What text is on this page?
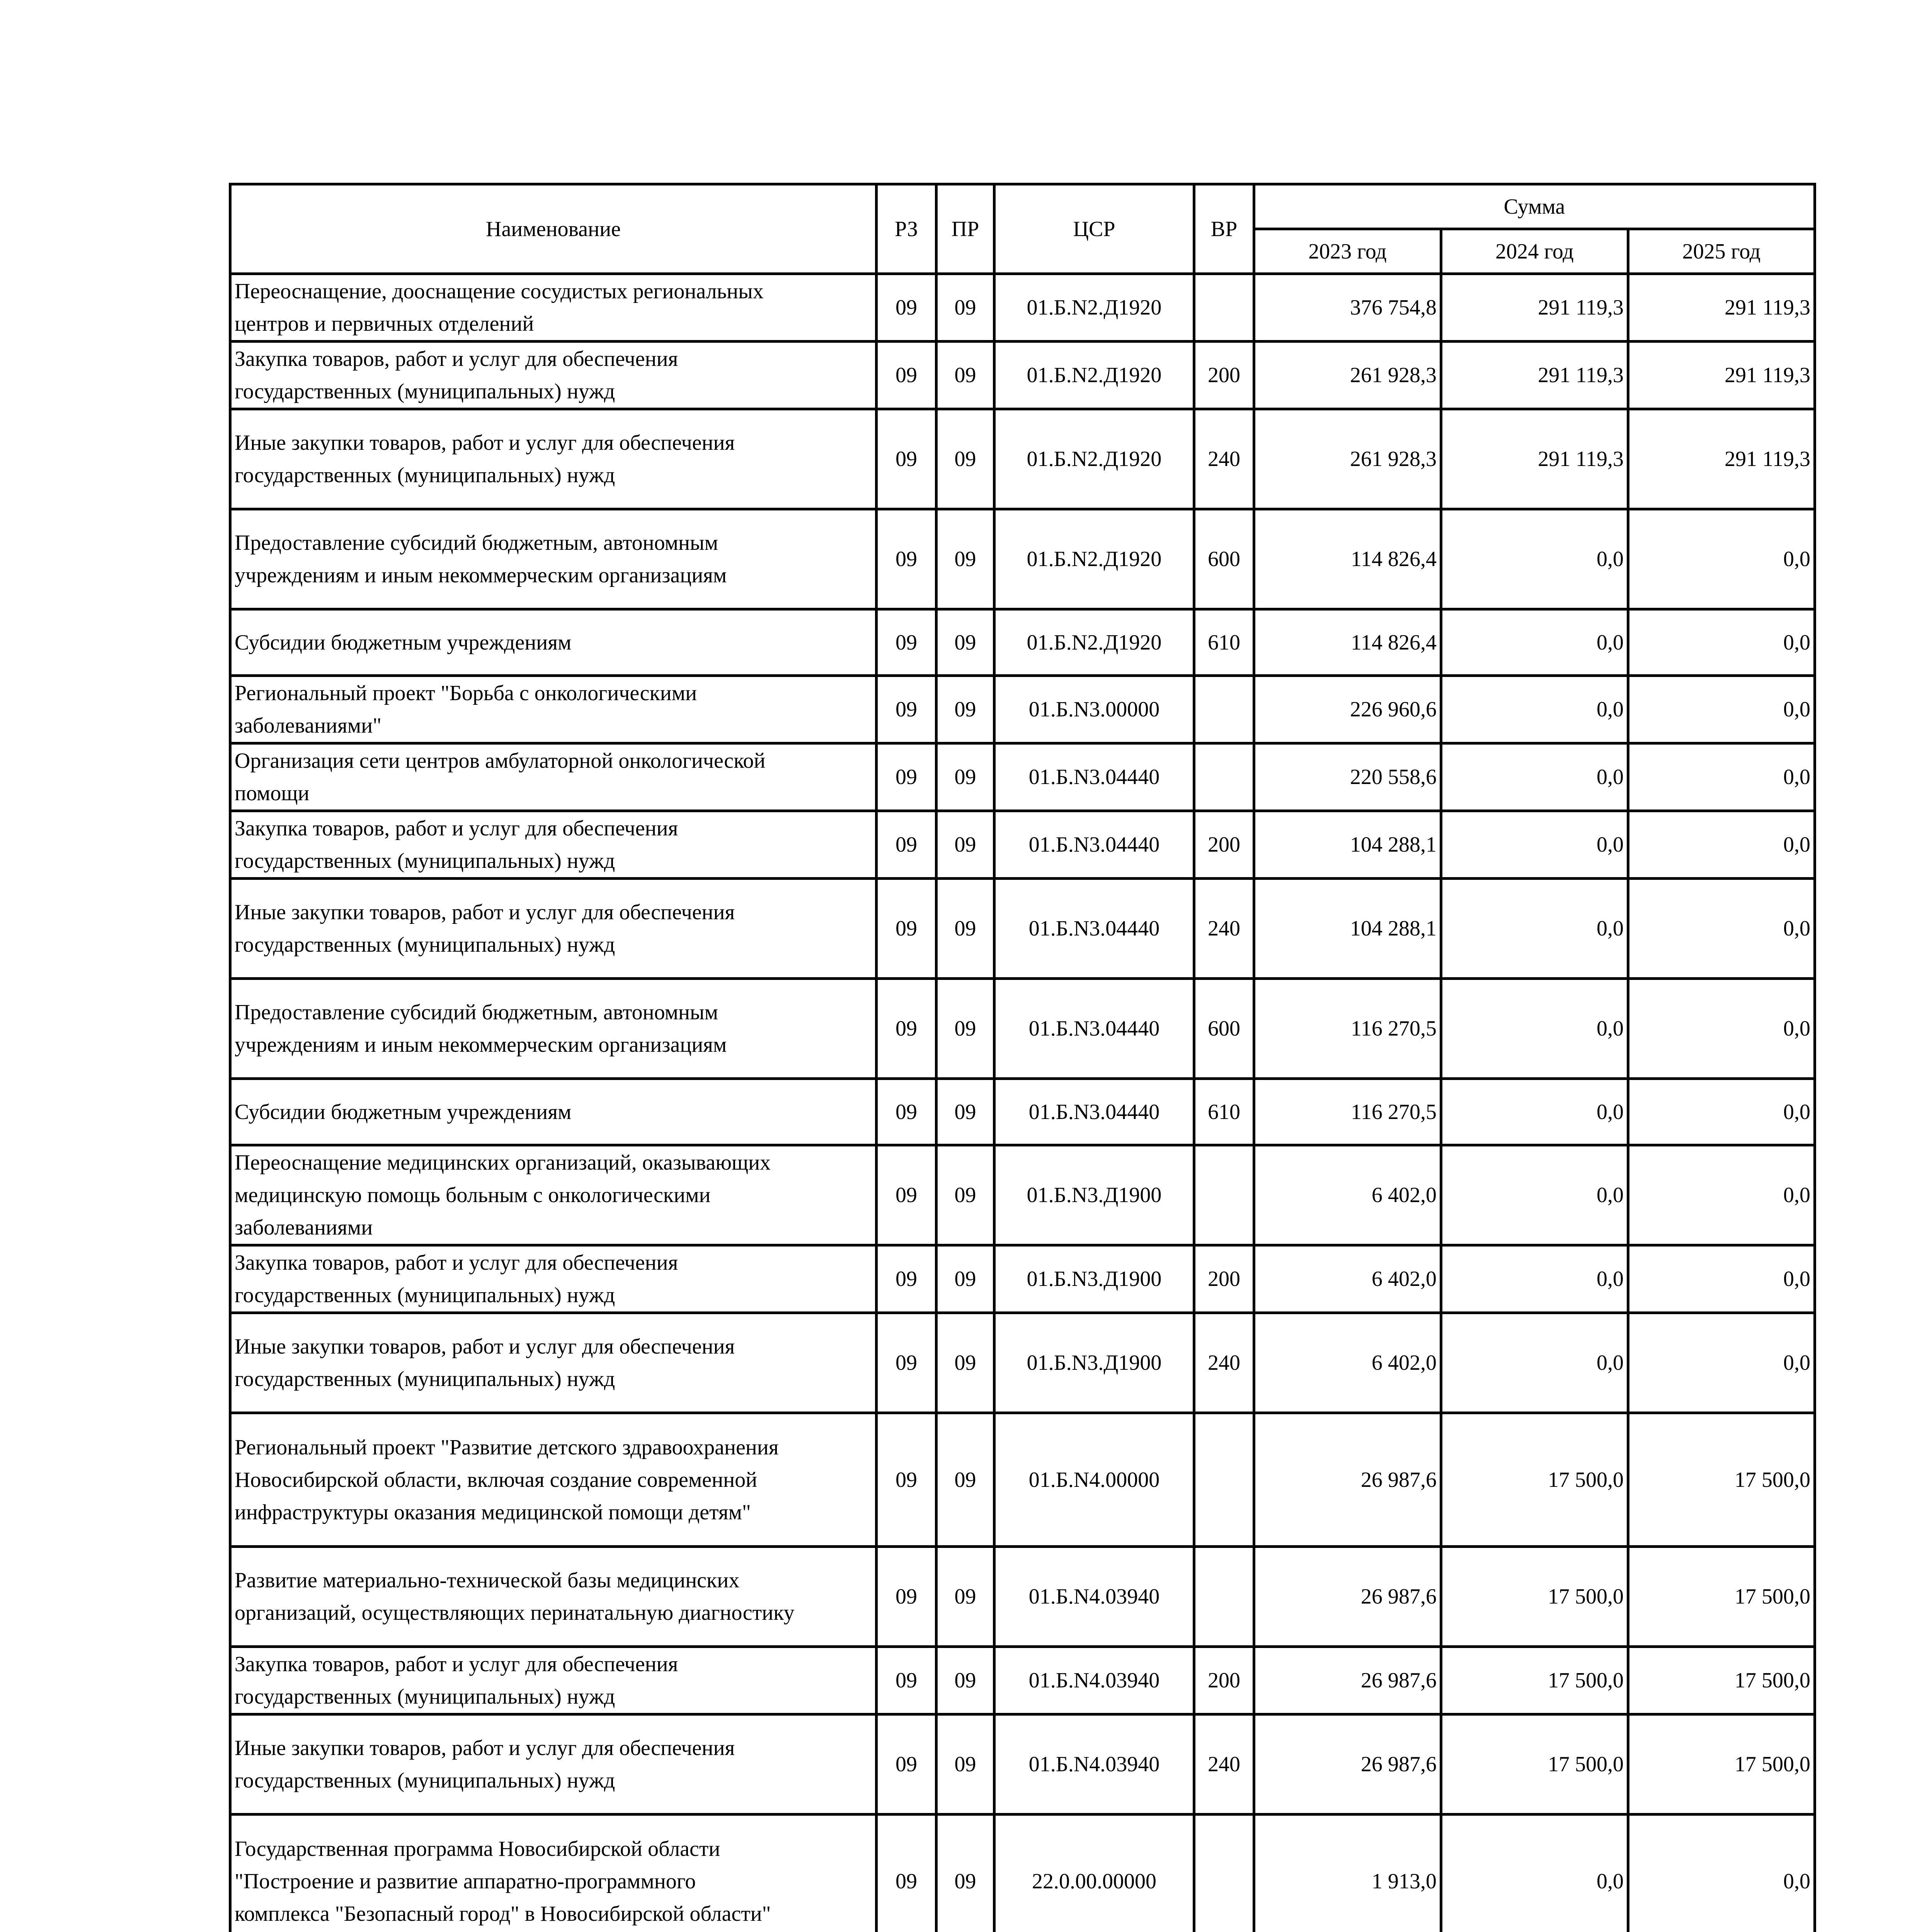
Наименование	РЗ	ПР	ЦСР	ВР	Сумма		
					2023 год	2024 год	2025 год

Переоснащение, дооснащение сосудистых региональных
центров и первичных отделений	09	09	01.Б.N2.Д1920		376 754,8	291 119,3	291 119,3

Закупка товаров, работ и услуг для обеспечения
государственных (муниципальных) нужд	09	09	01.Б.N2.Д1920	200	261 928,3	291 119,3	291 119,3

Иные закупки товаров, работ и услуг для обеспечения
государственных (муниципальных) нужд	09	09	01.Б.N2.Д1920	240	261 928,3	291 119,3	291 119,3

Предоставление субсидий бюджетным, автономным
учреждениям и иным некоммерческим организациям	09	09	01.Б.N2.Д1920	600	114 826,4	0,0	0,0

Субсидии бюджетным учреждениям	09	09	01.Б.N2.Д1920	610	114 826,4	0,0	0,0

Региональный проект "Борьба с онкологическими
заболеваниями"	09	09	01.Б.N3.00000		226 960,6	0,0	0,0

Организация сети центров амбулаторной онкологической
помощи	09	09	01.Б.N3.04440		220 558,6	0,0	0,0

Закупка товаров, работ и услуг для обеспечения
государственных (муниципальных) нужд	09	09	01.Б.N3.04440	200	104 288,1	0,0	0,0

Иные закупки товаров, работ и услуг для обеспечения
государственных (муниципальных) нужд	09	09	01.Б.N3.04440	240	104 288,1	0,0	0,0

Предоставление субсидий бюджетным, автономным
учреждениям и иным некоммерческим организациям	09	09	01.Б.N3.04440	600	116 270,5	0,0	0,0

Субсидии бюджетным учреждениям	09	09	01.Б.N3.04440	610	116 270,5	0,0	0,0

Переоснащение медицинских организаций, оказывающих
медицинскую помощь больным с онкологическими
заболеваниями	09	09	01.Б.N3.Д1900		6 402,0	0,0	0,0

Закупка товаров, работ и услуг для обеспечения
государственных (муниципальных) нужд	09	09	01.Б.N3.Д1900	200	6 402,0	0,0	0,0

Иные закупки товаров, работ и услуг для обеспечения
государственных (муниципальных) нужд	09	09	01.Б.N3.Д1900	240	6 402,0	0,0	0,0

Региональный проект "Развитие детского здравоохранения
Новосибирской области, включая создание современной
инфраструктуры оказания медицинской помощи детям"	09	09	01.Б.N4.00000		26 987,6	17 500,0	17 500,0

Развитие материально-технической базы медицинских
организаций, осуществляющих перинатальную диагностику	09	09	01.Б.N4.03940		26 987,6	17 500,0	17 500,0

Закупка товаров, работ и услуг для обеспечения
государственных (муниципальных) нужд	09	09	01.Б.N4.03940	200	26 987,6	17 500,0	17 500,0

Иные закупки товаров, работ и услуг для обеспечения
государственных (муниципальных) нужд	09	09	01.Б.N4.03940	240	26 987,6	17 500,0	17 500,0

Государственная программа Новосибирской области
"Построение и развитие аппаратно-программного
комплекса "Безопасный город" в Новосибирской области"	09	09	22.0.00.00000		1 913,0	0,0	0,0
